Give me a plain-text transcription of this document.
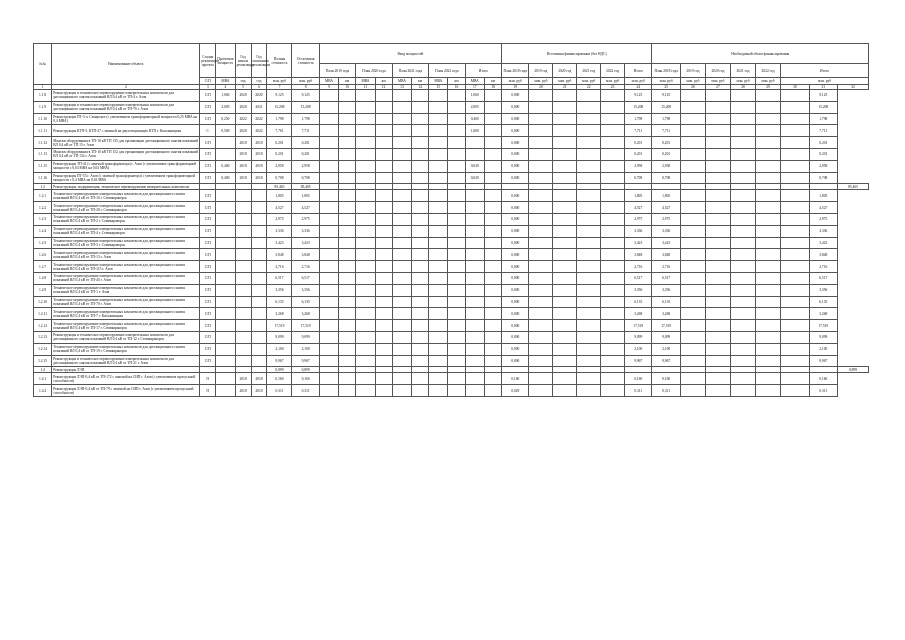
№№	Наименование объекта	Стадия реализации проекта	Проектная мощность	Год начала реализации	Год окончания реализации	Полная стоимость	Остаточная стоимость	Ввод мощностей										Источники финансирования (без НДС)						Необходимый объем финансирования							
								План 2019 года		План 2020 года		План 2021 года		План 2022 года		Итого		План 2018 года	2019 год	2020 год	2021 год	2022 год	Итого	План 2018 года	2019 год	2020 год	2021 год	2022 год	Итого		
		С/П	МВА	год	год	млн. руб	млн. руб	МВА	км	МВА	км	МВА	км	МВА	км	МВА	км	млн. руб	млн. руб	млн. руб	млн. руб	млн. руб	млн. руб	млн. руб	млн. руб	млн. руб	млн. руб	млн. руб	млн. руб		
1	2	3	4	5	6	7	8	9	10	11	12	13	14	15	16	17	18	19	20	21	22	23	24	25	26	27	28	29	30	31	32
1.1.8	Реконструкция и техническое перевооружение измерительных комплексов для дистанционного снятия показаний ВЛ 0,4 кВ от ТП-4 г. Азов	С/П	1,060	2020	2020	9,125	9,125									1,060		0,000					9,125	9,125						9,125	
1.1.9	Реконструкция и техническое перевооружение измерительных комплексов для дистанционного снятия показаний ВЛ 0,4 кВ от ТП-76 г. Азов	С/П	2,005	2020	2021	15,208	15,208									2,005		0,000					15,208	15,208						15,208	
1.1.10	Реконструкция ПТ-3 п. Самарское (с увеличением трансформаторной мощности 0,25 МВА на 0,4 МВА)	С/П	0,250	2022	2022	1,798	1,798									0,400		0,000					1,798	1,798						1,798	
1.1.11	Реконструкция КТП-5, КТП-27 с заменой на двухсекционную КТП г. Кагальницкая	С	0,500	2020	2022	7,761	7,711									1,000		0,000					7,711	7,711						7,711	
1.1.12	Монтаж оборудования в ТП-10 кВ ТП 135 для организации дистанционного снятия показаний ВЛ 0,4 кВ от ТП 15 г. Азов	С/П		2018	2018	0,201	0,201											0,000					0,201	0,201						0,201	
1.1.13	Монтаж оборудования в ТП-10 кВ ТП 152 для организации дистанционного снятия показаний ВЛ 0,4 кВ от ТП 152 г. Азов	С/П		2018	2018	0,201	0,201											0,000					0,201	0,201						0,201	
1.1.15	Реконструкция ТП-41 (с заменой трансформатора) г. Азов (с увеличением трансформаторной мощности с 0,63 МВА на 0,63 МВА)	С/П	0,400	2018	2018	2,958	2,958									0,630		0,000					2,958	2,958						2,958	
1.1.16	Реконструкция ПТ-53 г. Азов (с заменой трансформатора) с увеличением трансформаторной мощности с 0,4 МВА на 0,63 МВА	С/П	0,400	2018	2018	0,708	0,708									0,630		0,000					0,708	0,708						0,708	
1.2	Реконструкция, модернизация, техническое перевооружение измерительных комплексов					85,465	85,465																								85,465
1.2.1	Техническое перевооружение измерительных комплексов для дистанционного снятия показаний ВЛ 0,4 кВ от ТП-10 г. Семикаракорск	С/П				1,805	1,805											0,000					1,805	1,805						1,805	
1.2.2	Техническое перевооружение измерительных комплексов для дистанционного снятия показаний ВЛ 0,4 кВ от ТП-20 г. Семикаракорск	С/П				4,527	4,527											0,000					4,527	4,527						4,527	
1.2.3	Техническое перевооружение измерительных комплексов для дистанционного снятия показаний ВЛ 0,4 кВ от ТП-2 г. Семикаракорск	С/П				2,975	2,975											0,000					2,975	2,975						2,975	
1.2.4	Техническое перевооружение измерительных комплексов для дистанционного снятия показаний ВЛ 0,4 кВ от ТП-4 г. Семикаракорск	С/П				3,336	3,336											0,000					3,336	3,336						3,336	
1.2.5	Техническое перевооружение измерительных комплексов для дистанционного снятия показаний ВЛ 0,4 кВ от ТП-3 г. Семикаракорск	С/П				3,423	3,423											0,000					3,423	3,423						3,423	
1.2.6	Техническое перевооружение измерительных комплексов для дистанционного снятия показаний ВЛ 0,4 кВ от ТП-13 г. Азов	С/П				3,848	3,848											0,000					3,848	3,848						3,848	
1.2.7	Техническое перевооружение измерительных комплексов для дистанционного снятия показаний ВЛ 0,4 кВ от ТП-115 г. Азов	С/П				2,716	2,716											0,000					2,716	2,716						2,716	
1.2.8	Техническое перевооружение измерительных комплексов для дистанционного снятия показаний ВЛ 0,4 кВ от ТП-45 г. Азов	С/П				6,517	6,517											0,000					6,517	6,517						6,517	
1.2.9	Техническое перевооружение измерительных комплексов для дистанционного снятия показаний ВЛ 0,4 кВ от ТП-1 г. Азов	С/П				3,356	3,356											0,000					3,356	3,356						3,356	
1.2.10	Техническое перевооружение измерительных комплексов для дистанционного снятия показаний ВЛ 0,4 кВ от ТП-70 г. Азов	С/П				6,135	6,135											0,000					6,135	6,135						6,135	
1.2.11	Техническое перевооружение измерительных комплексов для дистанционного снятия показаний ВЛ 0,4 кВ от ТП-7 г. Кагальницкая	С/П				3,268	3,268											0,000					3,268	3,268						3,268	
1.2.12	Техническое перевооружение измерительных комплексов для дистанционного снятия показаний ВЛ 0,4 кВ от ТП-17 г. Семикаракорск	С/П				17,519	17,519											0,000					17,519	17,519						17,519	
1.2.13	Реконструкция и техническое перевооружение измерительных комплексов для дистанционного снятия показаний ВЛ 0,4 кВ от ТП-12 г. Семикаракорск	С/П				9,099	9,099											0,000					9,099	9,099						9,099	
1.2.14	Техническое перевооружение измерительных комплексов для дистанционного снятия показаний ВЛ 0,4 кВ от ТП-19 г. Семикаракорск	С/П				2,100	2,100											0,000					2,100	2,100						2,100	
1.2.15	Реконструкция и техническое перевооружение измерительных комплексов для дистанционного снятия показаний ВЛ 0,4 кВ от ТП-21 г. Азов	С/П				9,967	9,967											0,000					9,967	9,967						9,967	
1.4	Реконструкция ЛЭП					0,899	0,899																								0,899
1.4.1	Реконструкция ЛЭП-0,4 кВ от ТП-172 с заменой на СИП г. Азов (с увеличением пропускной способности)	П		2018	2018	0,160	0,160											0,160					0,160	0,160						0,160	
1.4.2	Реконструкция ЛЭП-0,4 кВ от ТП-79 с заменой на СИП г. Азов (с увеличением пропускной способности)	П		2018	2018	0,311	0,311											0,029					0,311	0,311						0,311	
